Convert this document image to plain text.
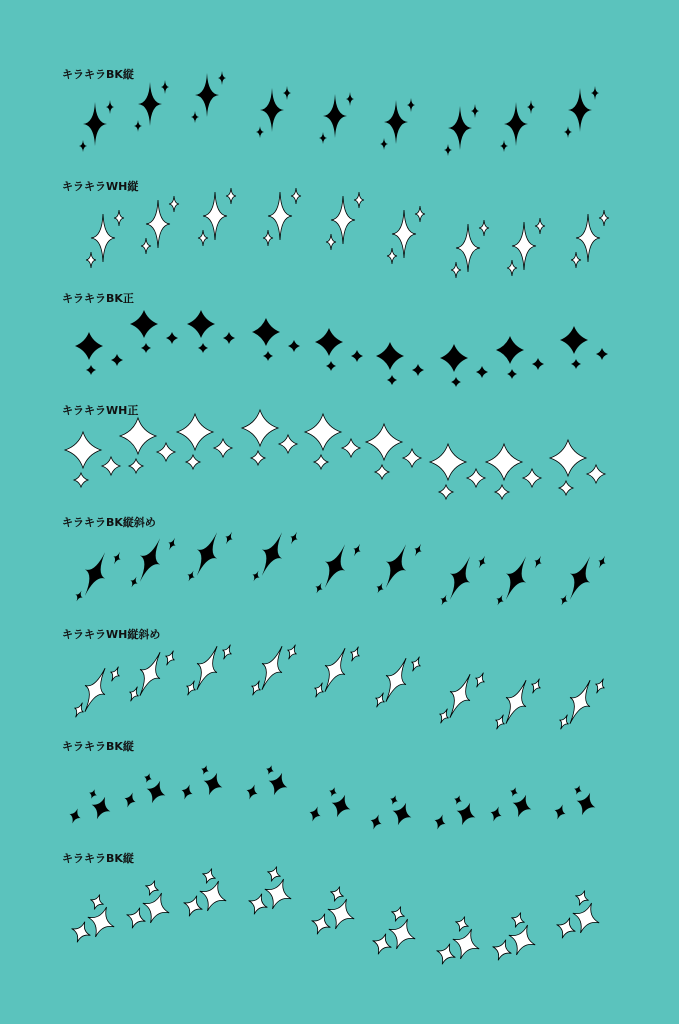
キラキラBK縦
キラキラWH縦
キラキラBK正
キラキラWH正
キラキラBK縦斜め
キラキラWH縦斜め
キラキラBK縦
キラキラBK縦
